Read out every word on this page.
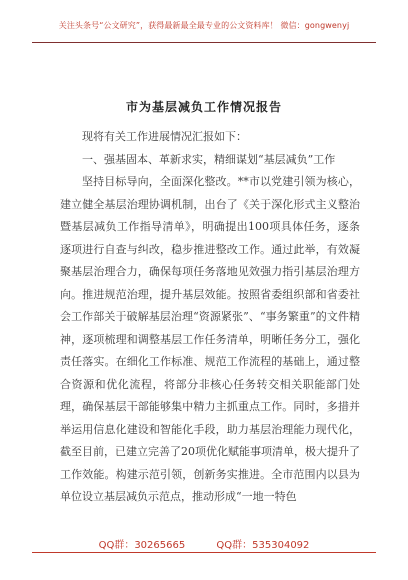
关注头条号“公文研究”，获得最新最全最专业的公文资料库！ 微信：gongwenyj
市为基层减负工作情况报告

现将有关工作进展情况汇报如下：

一、强基固本、革新求实，精细谋划“基层减负”工作

坚持目标导向，全面深化整改。**市以党建引领为核心，建立健全基层治理协调机制，出台了《关于深化形式主义整治暨基层减负工作指导清单》，明确提出100项具体任务，逐条逐项进行自查与纠改，稳步推进整改工作。通过此举，有效凝聚基层治理合力，确保每项任务落地见效强力指引基层治理方向。推进规范治理，提升基层效能。按照省委组织部和省委社会工作部关于破解基层治理“资源紧张”、“事务繁重”的文件精神，逐项梳理和调整基层工作任务清单，明晰任务分工，强化责任落实。在细化工作标准、规范工作流程的基础上，通过整合资源和优化流程，将部分非核心任务转交相关职能部门处理，确保基层干部能够集中精力主抓重点工作。同时，多措并举运用信息化建设和智能化手段，助力基层治理能力现代化，截至目前，已建立完善了20项优化赋能事项清单，极大提升了工作效能。构建示范引领，创新务实推进。全市范围内以县为单位设立基层减负示范点，推动形成“一地一特色

QQ群：30265665	QQ群：535304092
